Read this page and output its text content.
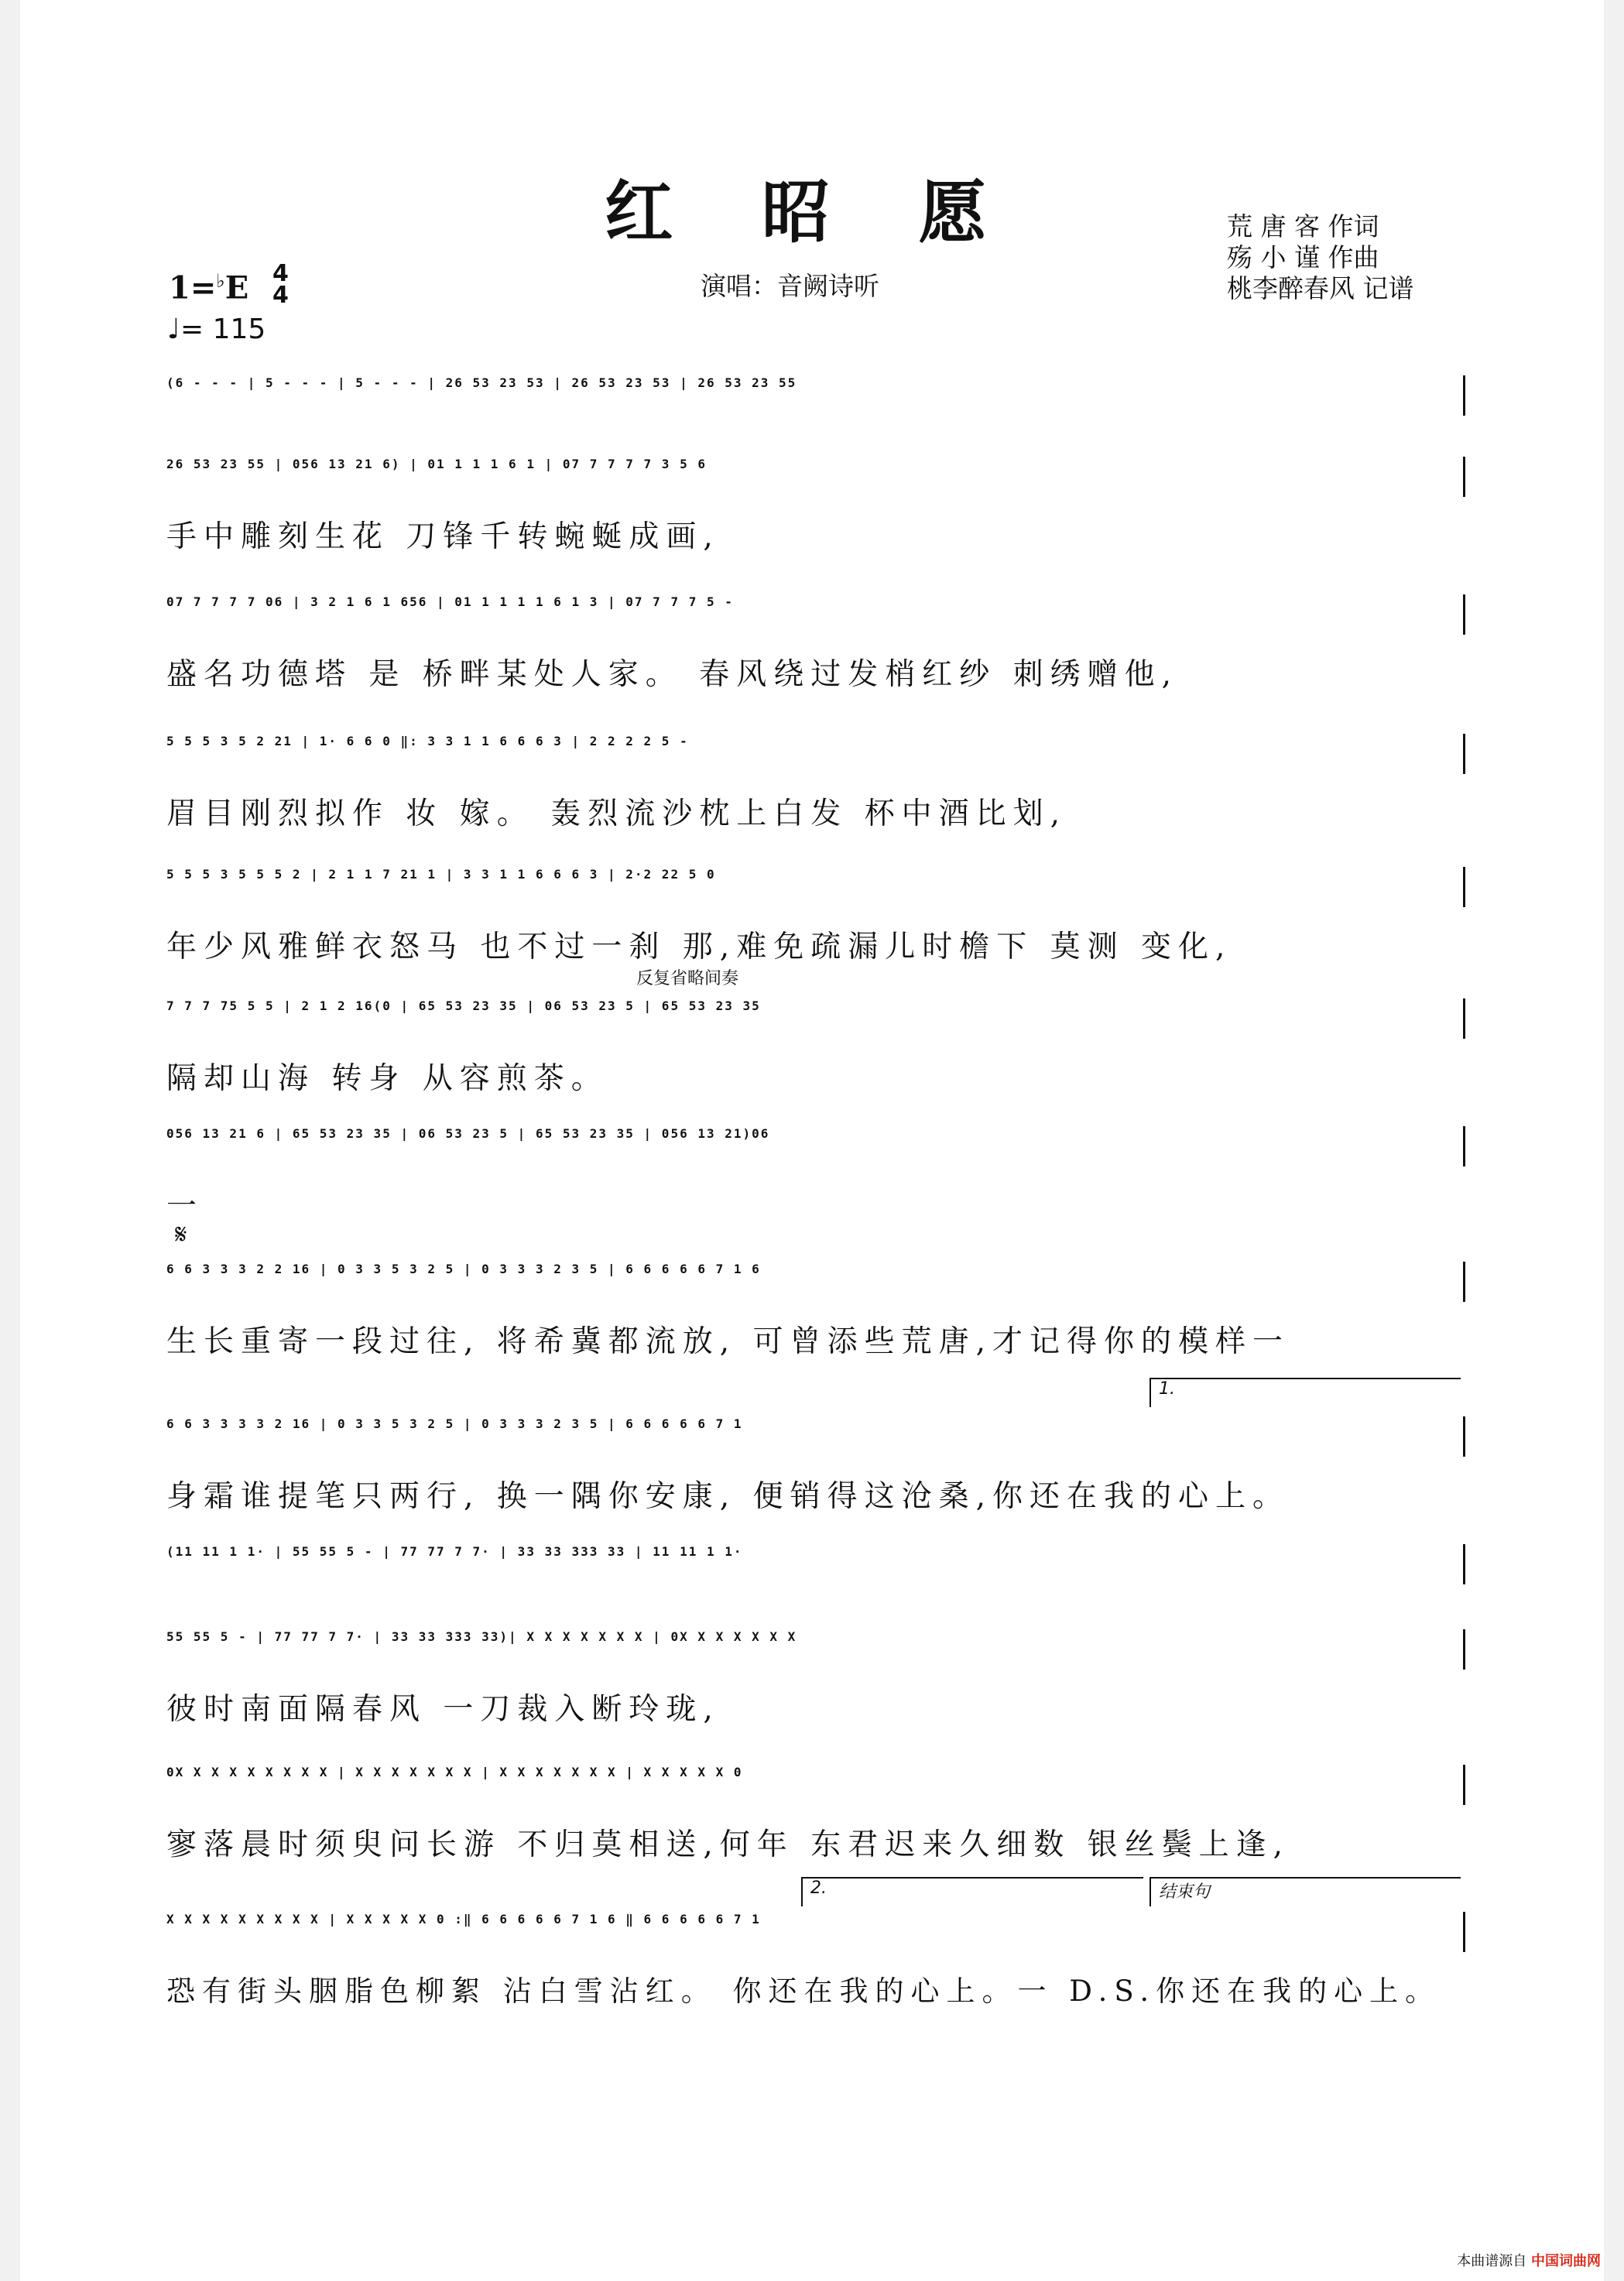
红 昭 愿
演唱：音阙诗听
荒 唐 客 作词
殇 小 谨 作曲
桃李醉春风 记谱
1=♭E 4
4
♩= 115
反复省略间奏
𝄋
1.
2.	结束句
(6 - - - | 5 - - - | 5 - - - | 26 53 23 53 | 26 53 23 53 | 26 53 23 55
26 53 23 55 | 056 13 21 6) | 01 1 1 1 6 1 | 07 7 7 7 7 3 5 6
手中雕刻生花 刀锋千转蜿蜒成画,
07 7 7 7 7 06 | 3 2 1 6 1 656 | 01 1 1 1 1 6 1 3 | 07 7 7 7 5 -
盛名功德塔 是 桥畔某处人家。 春风绕过发梢红纱 刺绣赠他,
5 5 5 3 5 2 21 | 1· 6 6 0 ‖: 3 3 1 1 6 6 6 3 | 2 2 2 2 5 -
眉目刚烈拟作 妆 嫁。 轰烈流沙枕上白发 杯中酒比划,
5 5 5 3 5 5 5 2 | 2 1 1 7 21 1 | 3 3 1 1 6 6 6 3 | 2·2 22 5 0
年少风雅鲜衣怒马 也不过一刹 那,难免疏漏儿时檐下 莫测 变化,
7 7 7 75 5 5 | 2 1 2 16(0 | 65 53 23 35 | 06 53 23 5 | 65 53 23 35
隔却山海 转身 从容煎茶。
056 13 21 6 | 65 53 23 35 | 06 53 23 5 | 65 53 23 35 | 056 13 21)06
一
6 6 3 3 3 2 2 16 | 0 3 3 5 3 2 5 | 0 3 3 3 2 3 5 | 6 6 6 6 6 7 1 6
生长重寄一段过往, 将希冀都流放, 可曾添些荒唐,才记得你的模样一
6 6 3 3 3 3 2 16 | 0 3 3 5 3 2 5 | 0 3 3 3 2 3 5 | 6 6 6 6 6 7 1
身霜谁提笔只两行, 换一隅你安康, 便销得这沧桑,你还在我的心上。
(11 11 1 1· | 55 55 5 - | 77 77 7 7· | 33 33 333 33 | 11 11 1 1·
55 55 5 - | 77 77 7 7· | 33 33 333 33)| X X X X X X X | 0X X X X X X X
彼时南面隔春风 一刀裁入断玲珑,
0X X X X X X X X X | X X X X X X X | X X X X X X X | X X X X X 0
寥落晨时须臾问长游 不归莫相送,何年 东君迟来久细数 银丝鬓上逢,
X X X X X X X X X | X X X X X 0 :‖ 6 6 6 6 6 7 1 6 ‖ 6 6 6 6 6 7 1
恐有街头胭脂色柳絮 沾白雪沾红。 你还在我的心上。一 D.S.你还在我的心上。
本曲谱源自 中国词曲网
